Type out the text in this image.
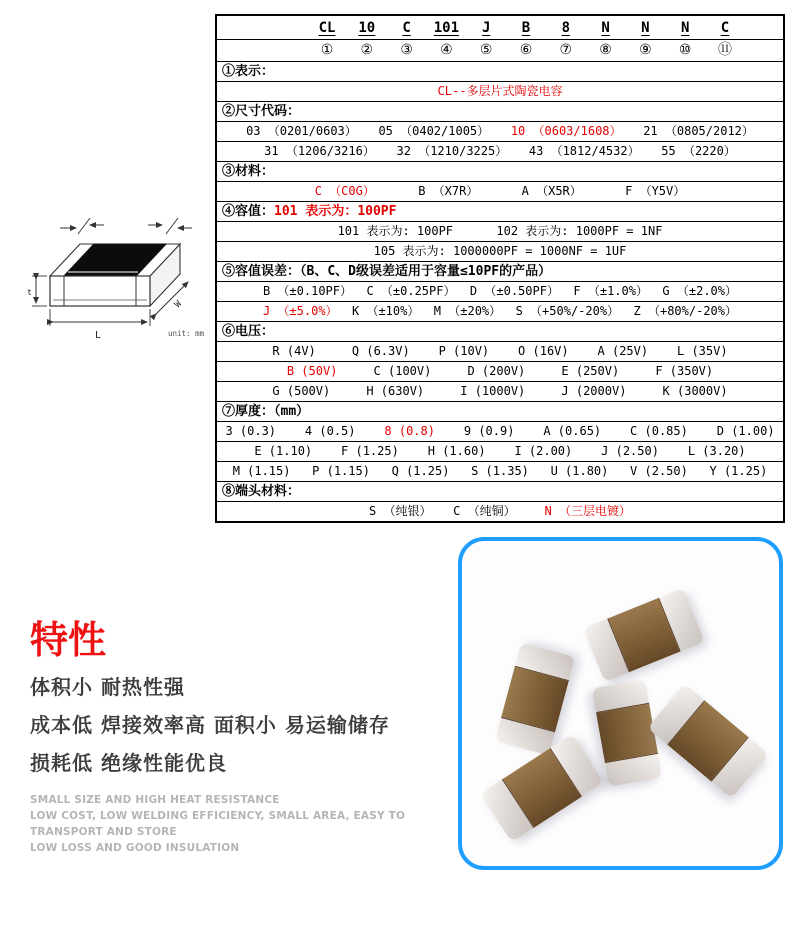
L
t
W
unit: mm
CL	10	C	101	J	B	8	N	N	N	C
①	②	③	④	⑤	⑥	⑦	⑧	⑨	⑩	⑪
①表示：
CL--多层片式陶瓷电容
②尺寸代码：
03 （0201/0603）   05 （0402/1005）   10 （0603/1608）   21 （0805/2012）
31 （1206/3216）   32 （1210/3225）   43 （1812/4532）   55 （2220）
③材料：
C （C0G）      B （X7R）      A （X5R）      F （Y5V）
④容值：101 表示为：100PF
101 表示为: 100PF      102 表示为: 1000PF = 1NF
105 表示为: 1000000PF = 1000NF = 1UF
⑤容值误差：（B、C、D级误差适用于容量≤10PF的产品）
B （±0.10PF）  C （±0.25PF）  D （±0.50PF）  F （±1.0%）  G （±2.0%）
J （±5.0%）  K （±10%）  M （±20%）  S （+50%/-20%）  Z （+80%/-20%）
⑥电压：
R (4V)     Q (6.3V)    P (10V)    O (16V)    A (25V)    L (35V)
B (50V)     C (100V)     D (200V)     E (250V)     F (350V)
G (500V)     H (630V)     I (1000V)     J (2000V)     K (3000V)
⑦厚度：（mm）
3 (0.3)    4 (0.5)    8 (0.8)    9 (0.9)    A (0.65)    C (0.85)    D (1.00)
E (1.10)    F (1.25)    H (1.60)    I (2.00)    J (2.50)    L (3.20)
M (1.15)   P (1.15)   Q (1.25)   S (1.35)   U (1.80)   V (2.50)   Y (1.25)
⑧端头材料：
S （纯银）   C （纯铜）    N （三层电镀）
特性
体积小 耐热性强
成本低 焊接效率高 面积小 易运输储存
损耗低 绝缘性能优良
SMALL SIZE AND HIGH HEAT RESISTANCE
LOW COST, LOW WELDING EFFICIENCY, SMALL AREA, EASY TO TRANSPORT AND STORE
LOW LOSS AND GOOD INSULATION
